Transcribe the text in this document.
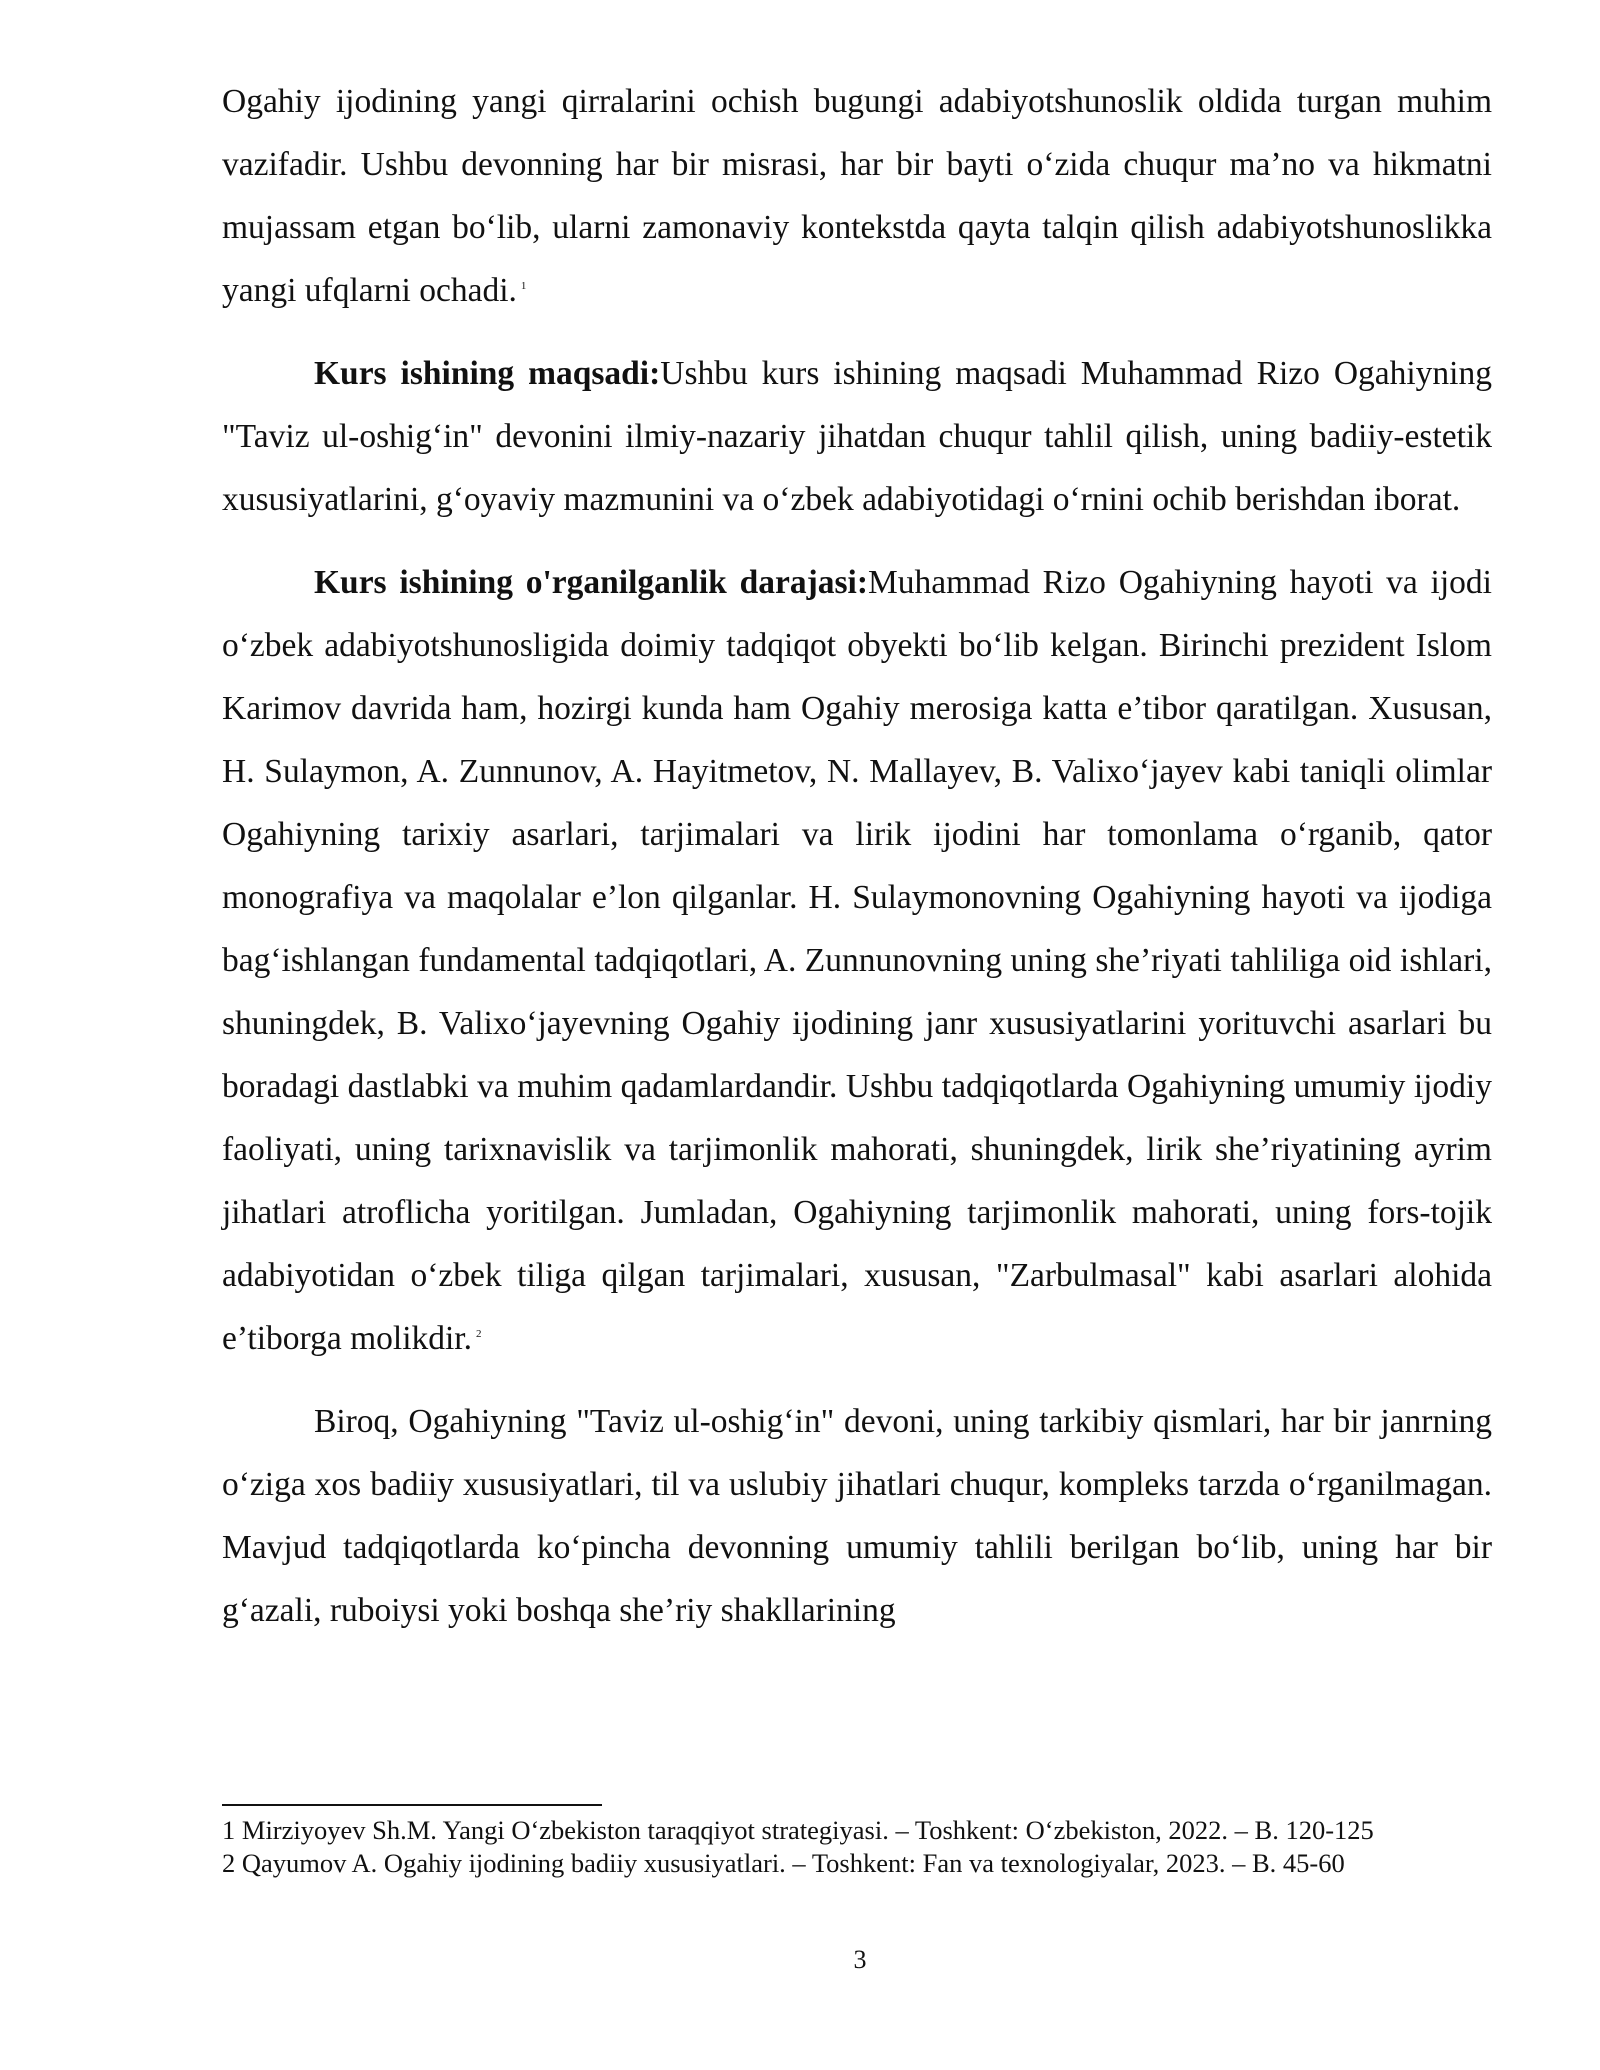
Ogahiy ijodining yangi qirralarini ochish bugungi adabiyotshunoslik oldida turgan muhim vazifadir. Ushbu devonning har bir misrasi, har bir bayti o‘zida chuqur ma’no va hikmatni mujassam etgan bo‘lib, ularni zamonaviy kontekstda qayta talqin qilish adabiyotshunoslikka yangi ufqlarni ochadi. $^1$

Kurs ishining maqsadi:Ushbu kurs ishining maqsadi Muhammad Rizo Ogahiyning "Taviz ul-oshig‘in" devonini ilmiy-nazariy jihatdan chuqur tahlil qilish, uning badiiy-estetik xususiyatlarini, g‘oyaviy mazmunini va o‘zbek adabiyotidagi o‘rnini ochib berishdan iborat.

Kurs ishining o'rganilganlik darajasi:Muhammad Rizo Ogahiyning hayoti va ijodi o‘zbek adabiyotshunosligida doimiy tadqiqot obyekti bo‘lib kelgan. Birinchi prezident Islom Karimov davrida ham, hozirgi kunda ham Ogahiy merosiga katta e’tibor qaratilgan. Xususan, H. Sulaymon, A. Zunnunov, A. Hayitmetov, N. Mallayev, B. Valixo‘jayev kabi taniqli olimlar Ogahiyning tarixiy asarlari, tarjimalari va lirik ijodini har tomonlama o‘rganib, qator monografiya va maqolalar e’lon qilganlar. H. Sulaymonovning Ogahiyning hayoti va ijodiga bag‘ishlangan fundamental tadqiqotlari, A. Zunnunovning uning she’riyati tahliliga oid ishlari, shuningdek, B. Valixo‘jayevning Ogahiy ijodining janr xususiyatlarini yorituvchi asarlari bu boradagi dastlabki va muhim qadamlardandir. Ushbu tadqiqotlarda Ogahiyning umumiy ijodiy faoliyati, uning tarixnavislik va tarjimonlik mahorati, shuningdek, lirik she’riyatining ayrim jihatlari atroflicha yoritilgan. Jumladan, Ogahiyning tarjimonlik mahorati, uning fors-tojik adabiyotidan o‘zbek tiliga qilgan tarjimalari, xususan, "Zarbulmasal" kabi asarlari alohida e’tiborga molikdir. $^2$

Biroq, Ogahiyning "Taviz ul-oshig‘in" devoni, uning tarkibiy qismlari, har bir janrning o‘ziga xos badiiy xususiyatlari, til va uslubiy jihatlari chuqur, kompleks tarzda o‘rganilmagan. Mavjud tadqiqotlarda ko‘pincha devonning umumiy tahlili berilgan bo‘lib, uning har bir g‘azali, ruboiysi yoki boshqa she’riy shakllarining

1 Mirziyoyev Sh.M. Yangi O‘zbekiston taraqqiyot strategiyasi. – Toshkent: O‘zbekiston, 2022. – B. 120-125
2 Qayumov A. Ogahiy ijodining badiiy xususiyatlari. – Toshkent: Fan va texnologiyalar, 2023. – B. 45-60
3
